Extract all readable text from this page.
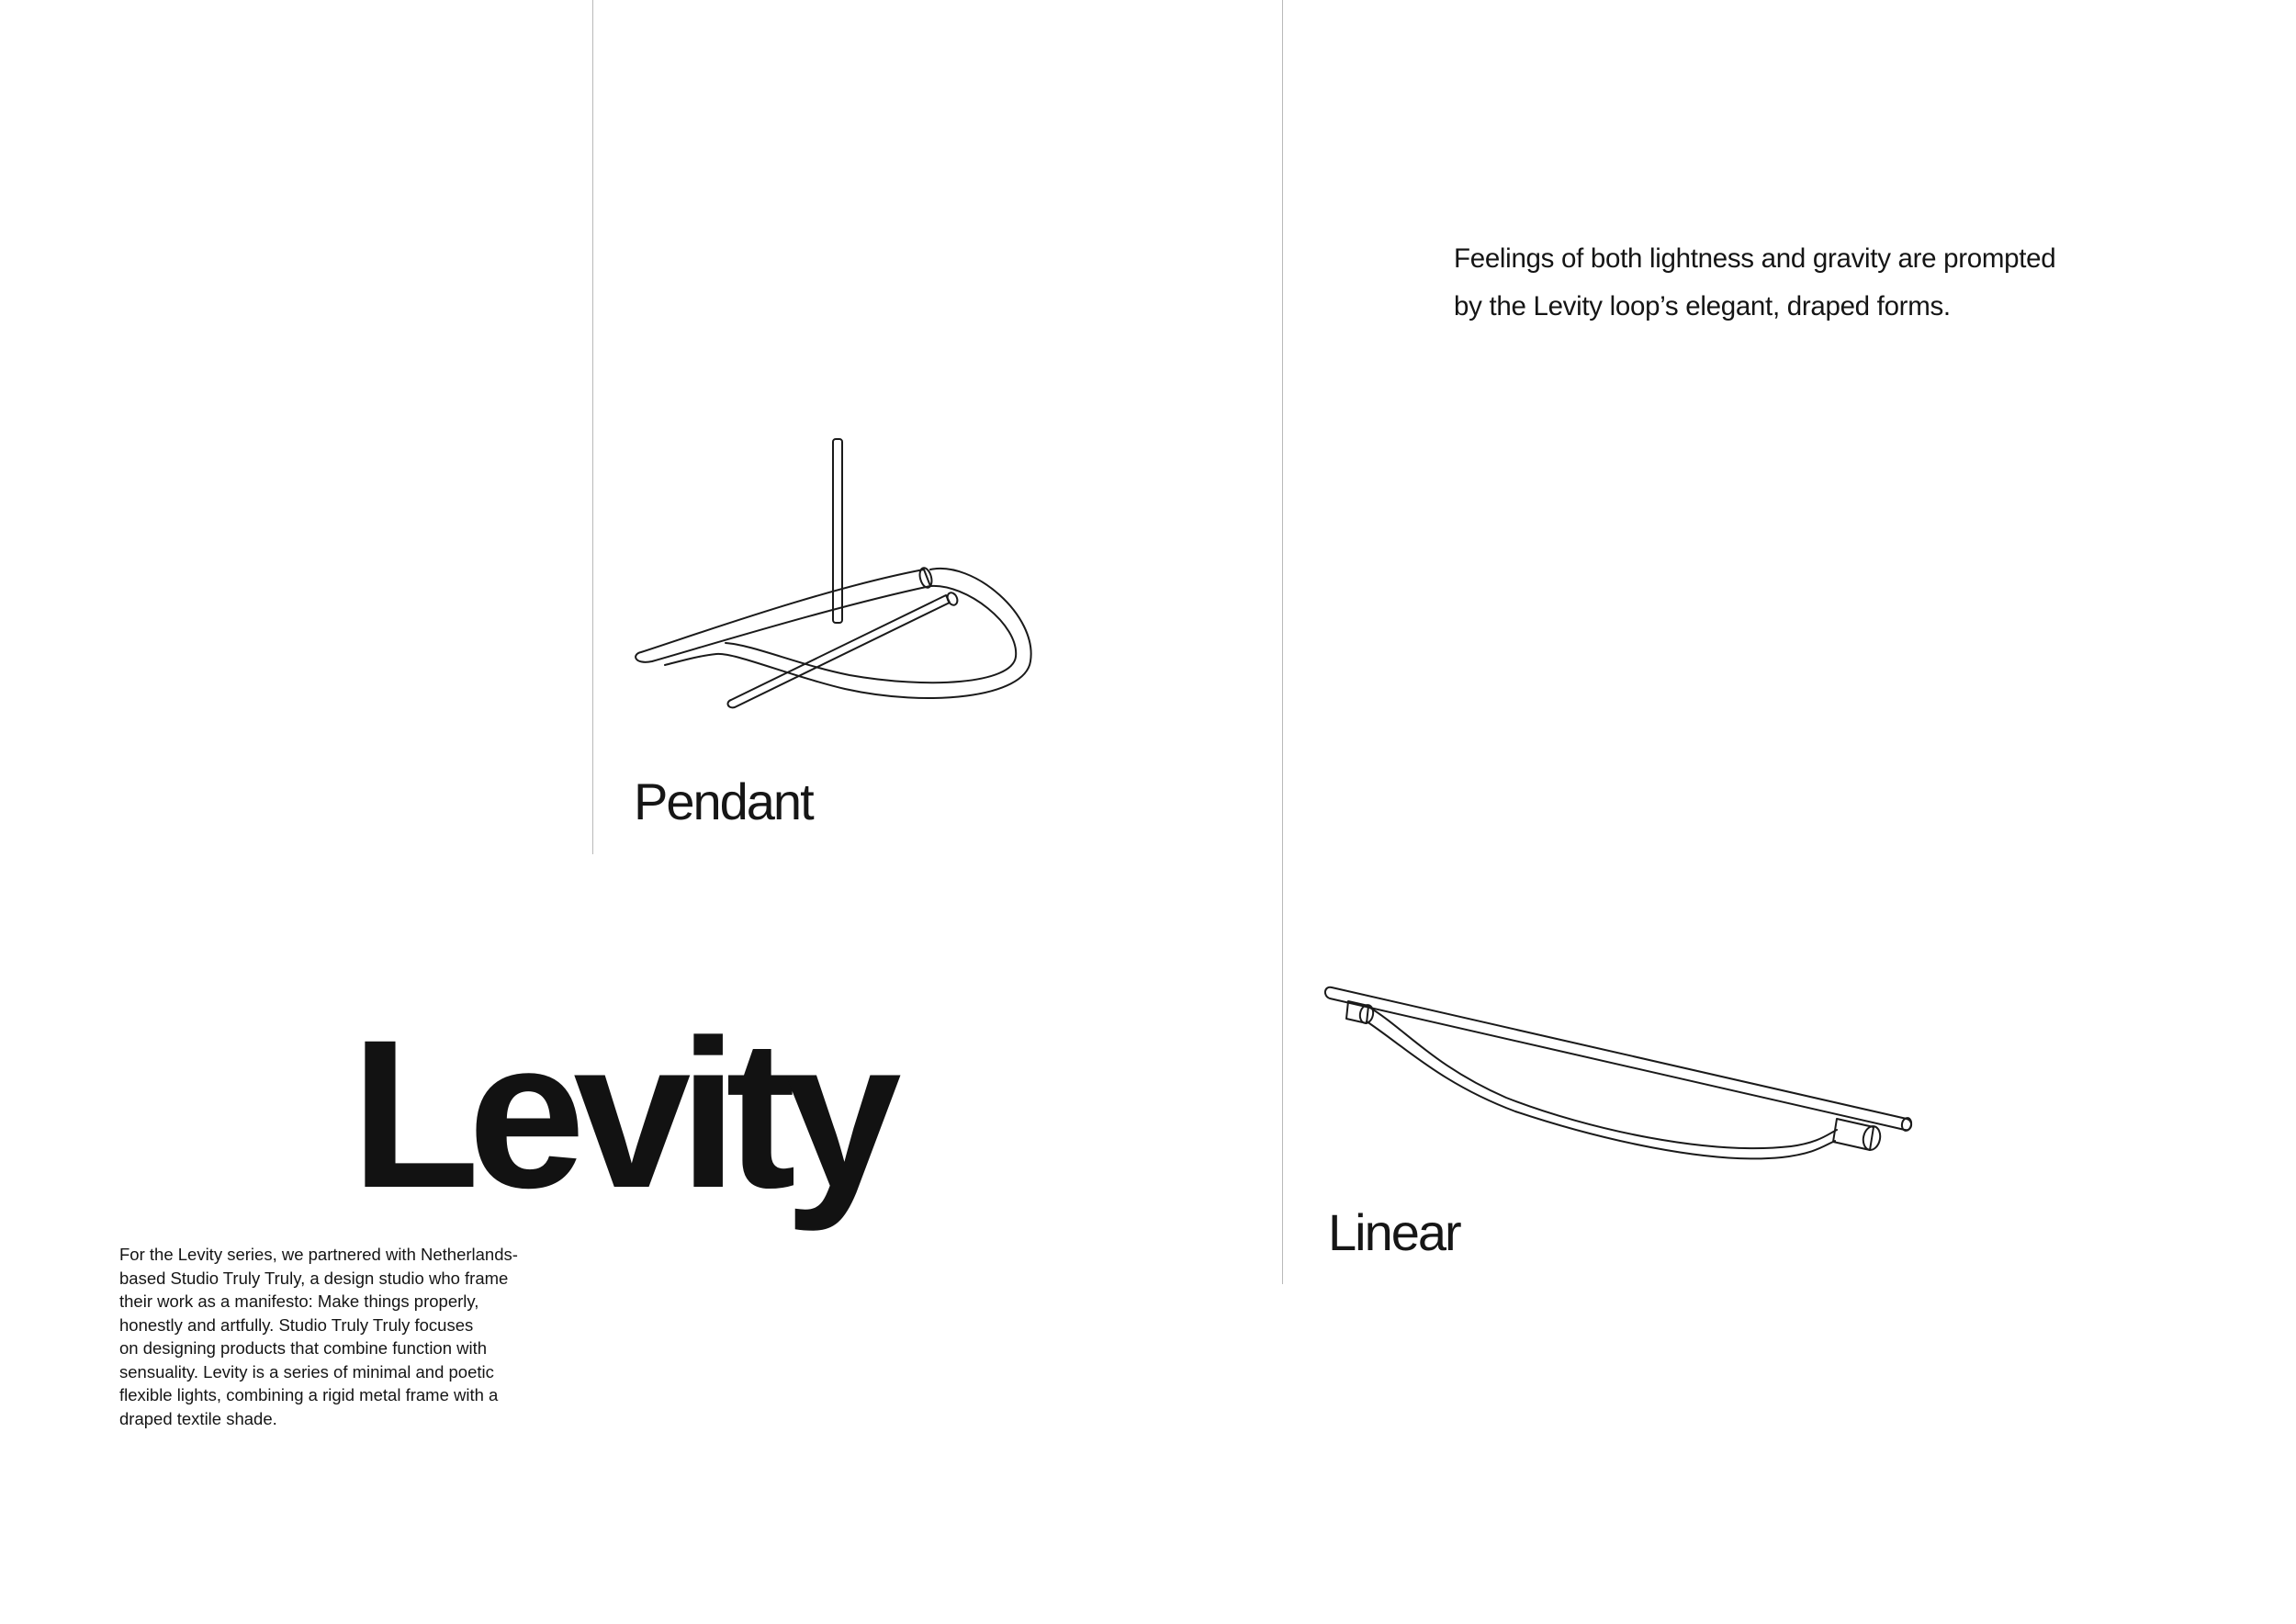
Pendant
Linear
Levity
Feelings of both lightness and gravity are prompted
by the Levity loop’s elegant, draped forms.
For the Levity series, we partnered with Netherlands-
based Studio Truly Truly, a design studio who frame
their work as a manifesto: Make things properly,
honestly and artfully. Studio Truly Truly focuses
on designing products that combine function with
sensuality. Levity is a series of minimal and poetic
flexible lights, combining a rigid metal frame with a
draped textile shade.
